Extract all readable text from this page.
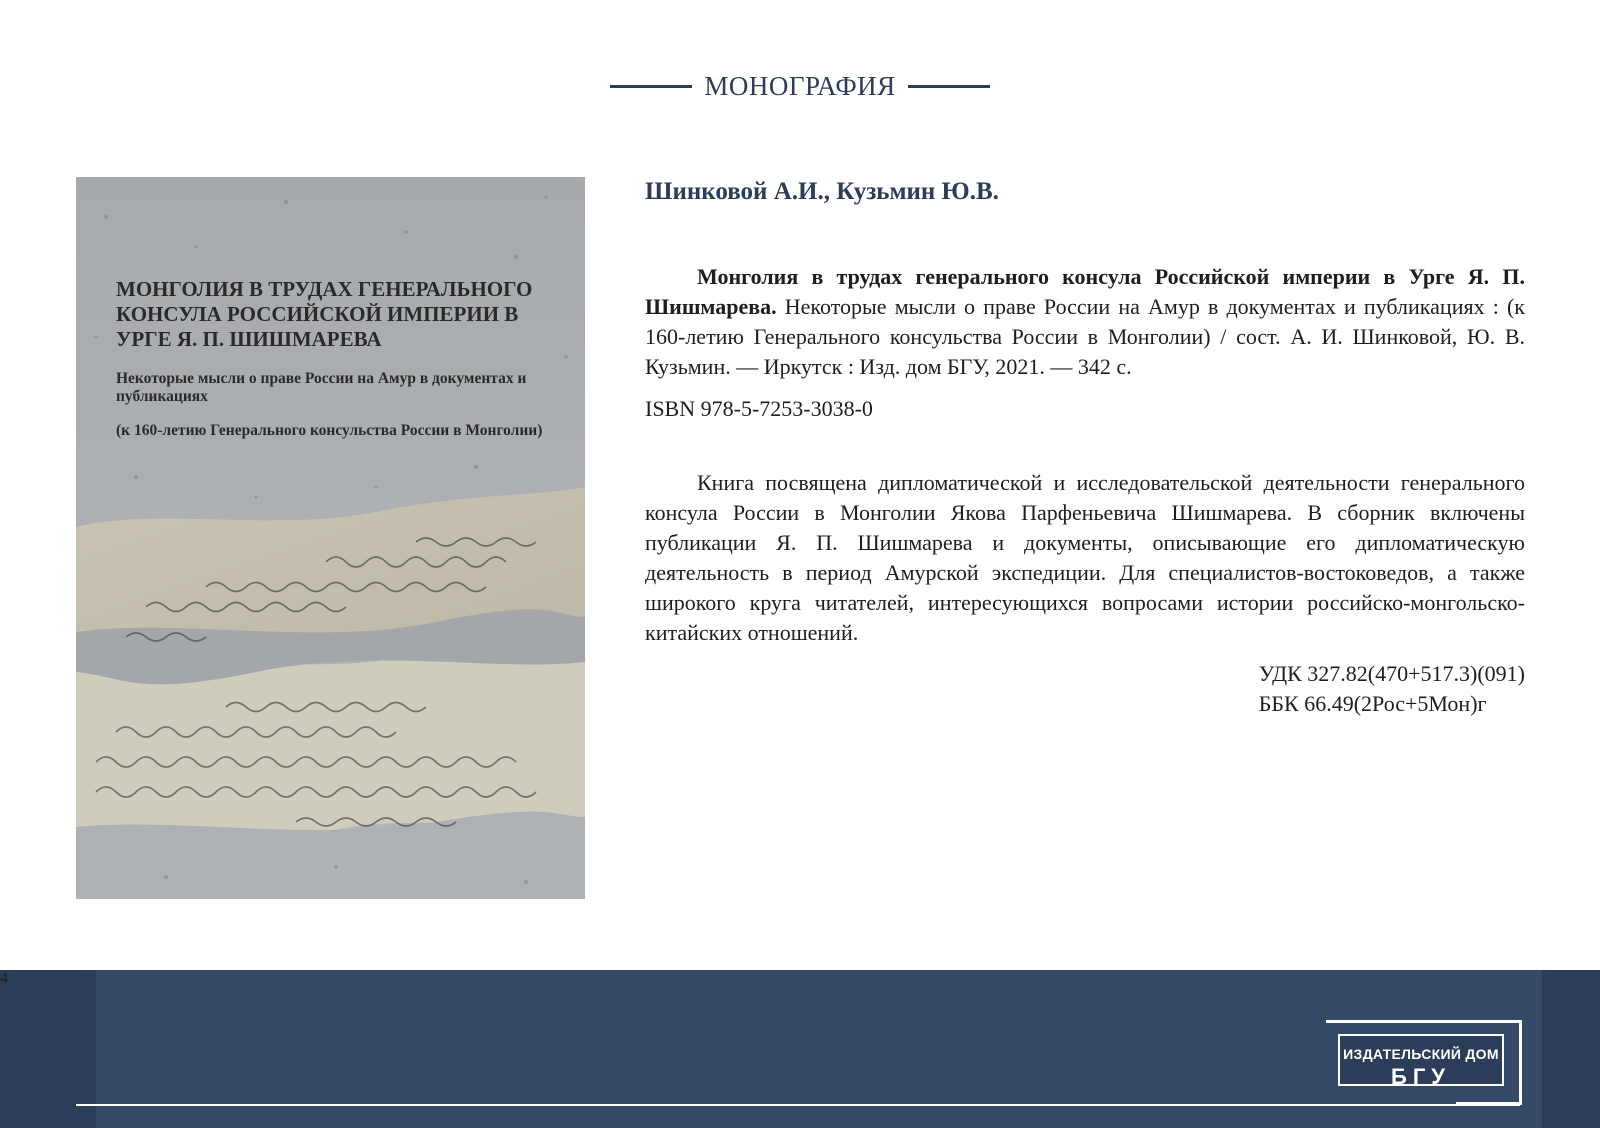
МОНОГРАФИЯ

МОНГОЛИЯ В ТРУДАХ ГЕНЕРАЛЬНОГО КОНСУЛА РОССИЙСКОЙ ИМПЕРИИ В УРГЕ Я. П. ШИШМАРЕВА

Некоторые мысли о праве России на Амур в документах и публикациях

(к 160-летию Генерального консульства России в Монголии)

Шинковой А.И., Кузьмин Ю.В.

Монголия в трудах генерального консула Российской империи в Урге Я. П. Шишмарева. Некоторые мысли о праве России на Амур в документах и публикациях : (к 160-летию Генерального консульства России в Монголии) / сост. А. И. Шинковой, Ю. В. Кузьмин. — Иркутск : Изд. дом БГУ, 2021. — 342 с.

ISBN 978-5-7253-3038-0

Книга посвящена дипломатической и исследовательской деятельности генерального консула России в Монголии Якова Парфеньевича Шишмарева. В сборник включены публикации Я. П. Шишмарева и документы, описывающие его дипломатическую деятельность в период Амурской экспедиции. Для специалистов-востоковедов, а также широкого круга читателей, интересующихся вопросами истории российско-монгольско-китайских отношений.

УДК 327.82(470+517.3)(091)
ББК 66.49(2Рос+5Мон)г
4
ИЗДАТЕЛЬСКИЙ ДОМ
БГУ
